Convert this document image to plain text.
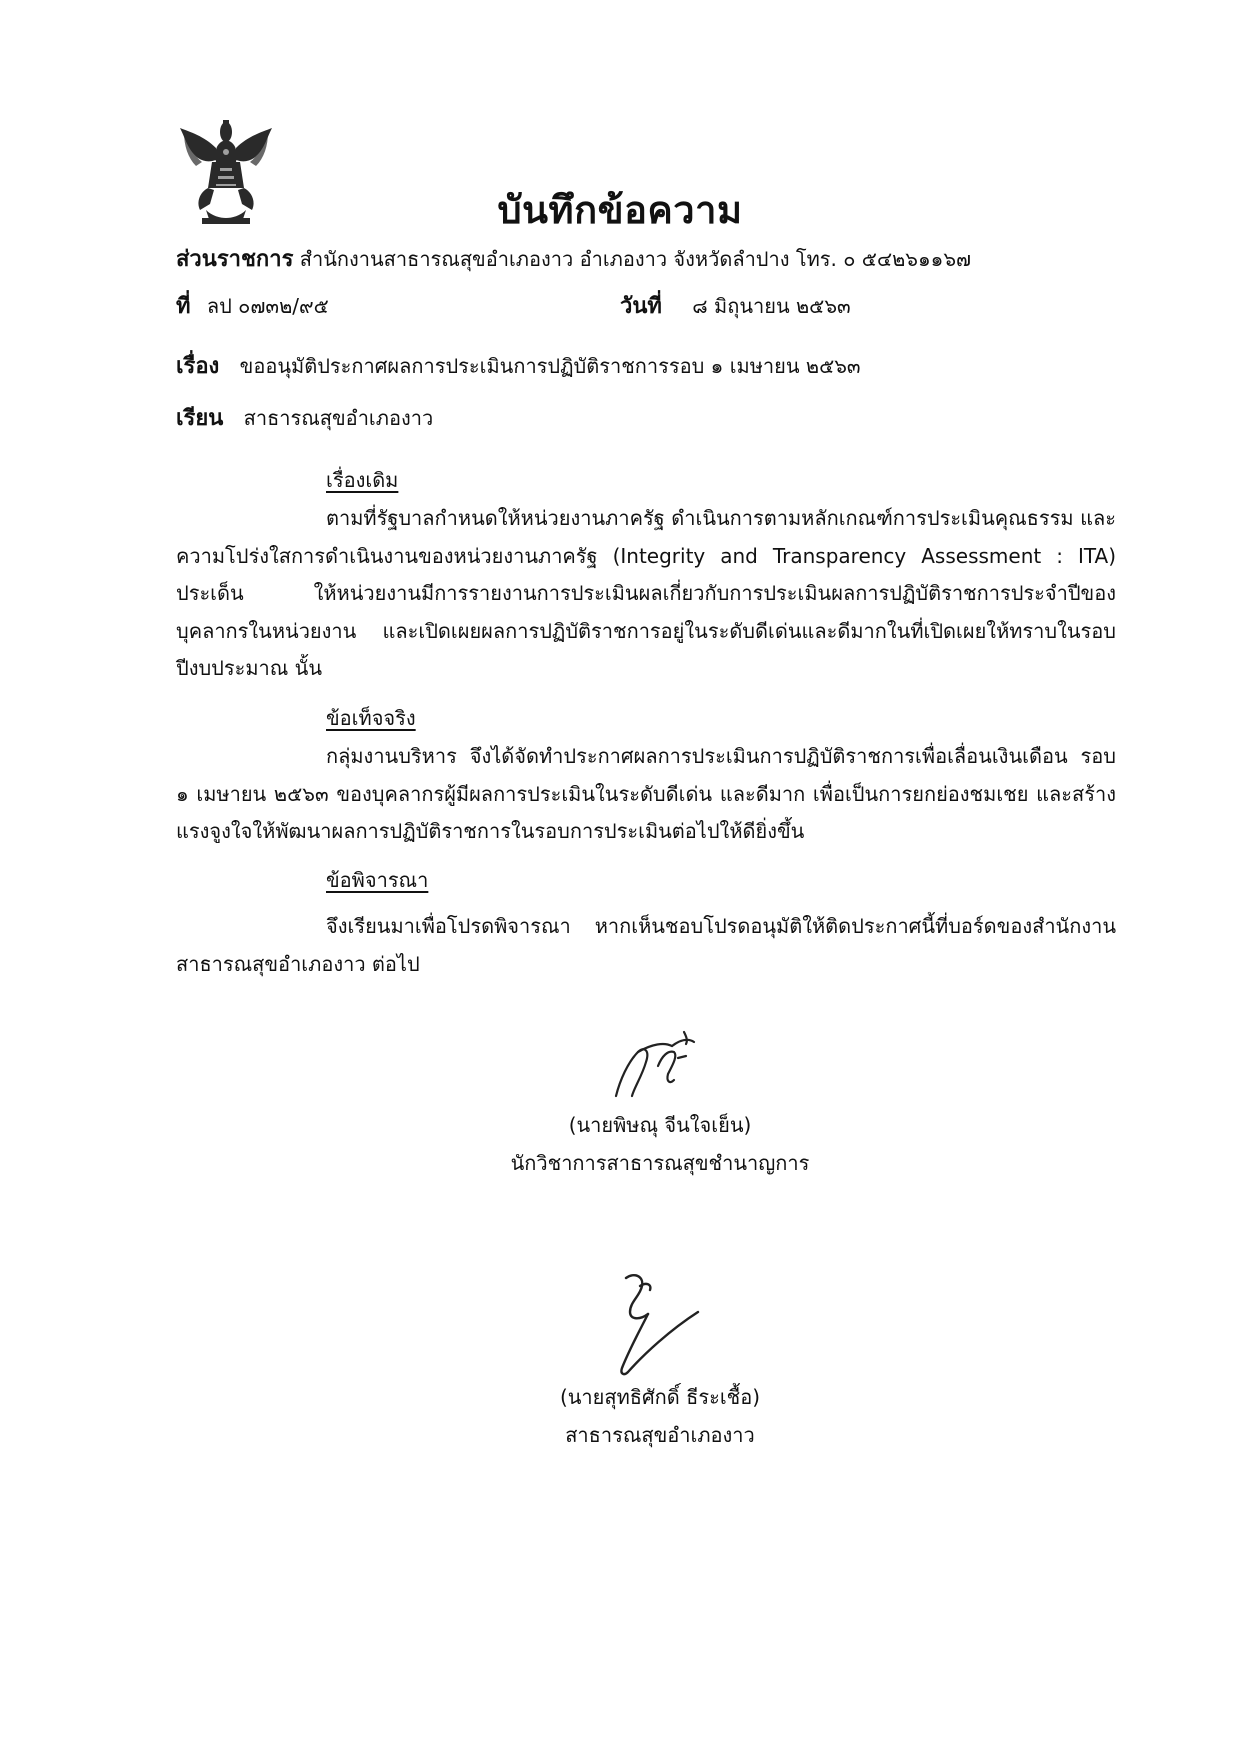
บันทึกข้อความ
ส่วนราชการ สำนักงานสาธารณสุขอำเภองาว อำเภองาว จังหวัดลำปาง โทร. ๐ ๕๔๒๖๑๑๖๗
ที่ ลป ๐๗๓๒/๙๕	วันที่ ๘ มิถุนายน ๒๕๖๓
เรื่อง ขออนุมัติประกาศผลการประเมินการปฏิบัติราชการรอบ ๑ เมษายน ๒๕๖๓
เรียน สาธารณสุขอำเภองาว
เรื่องเดิม
ตามที่รัฐบาลกำหนดให้หน่วยงานภาครัฐ ดำเนินการตามหลักเกณฑ์การประเมินคุณธรรม และความโปร่งใสการดำเนินงานของหน่วยงานภาครัฐ (Integrity and Transparency Assessment : ITA) ประเด็น ให้หน่วยงานมีการรายงานการประเมินผลเกี่ยวกับการประเมินผลการปฏิบัติราชการประจำปีของ บุคลากรในหน่วยงาน และเปิดเผยผลการปฏิบัติราชการอยู่ในระดับดีเด่นและดีมากในที่เปิดเผยให้ทราบในรอบ ปีงบประมาณ นั้น
ข้อเท็จจริง
กลุ่มงานบริหาร จึงได้จัดทำประกาศผลการประเมินการปฏิบัติราชการเพื่อเลื่อนเงินเดือน รอบ ๑ เมษายน ๒๕๖๓ ของบุคลากรผู้มีผลการประเมินในระดับดีเด่น และดีมาก เพื่อเป็นการยกย่องชมเชย และสร้างแรงจูงใจให้พัฒนาผลการปฏิบัติราชการในรอบการประเมินต่อไปให้ดียิ่งขึ้น
ข้อพิจารณา
จึงเรียนมาเพื่อโปรดพิจารณา หากเห็นชอบโปรดอนุมัติให้ติดประกาศนี้ที่บอร์ดของสำนักงาน สาธารณสุขอำเภองาว ต่อไป
(นายพิษณุ จีนใจเย็น)
นักวิชาการสาธารณสุขชำนาญการ
(นายสุทธิศักดิ์ ธีระเชื้อ)
สาธารณสุขอำเภองาว
